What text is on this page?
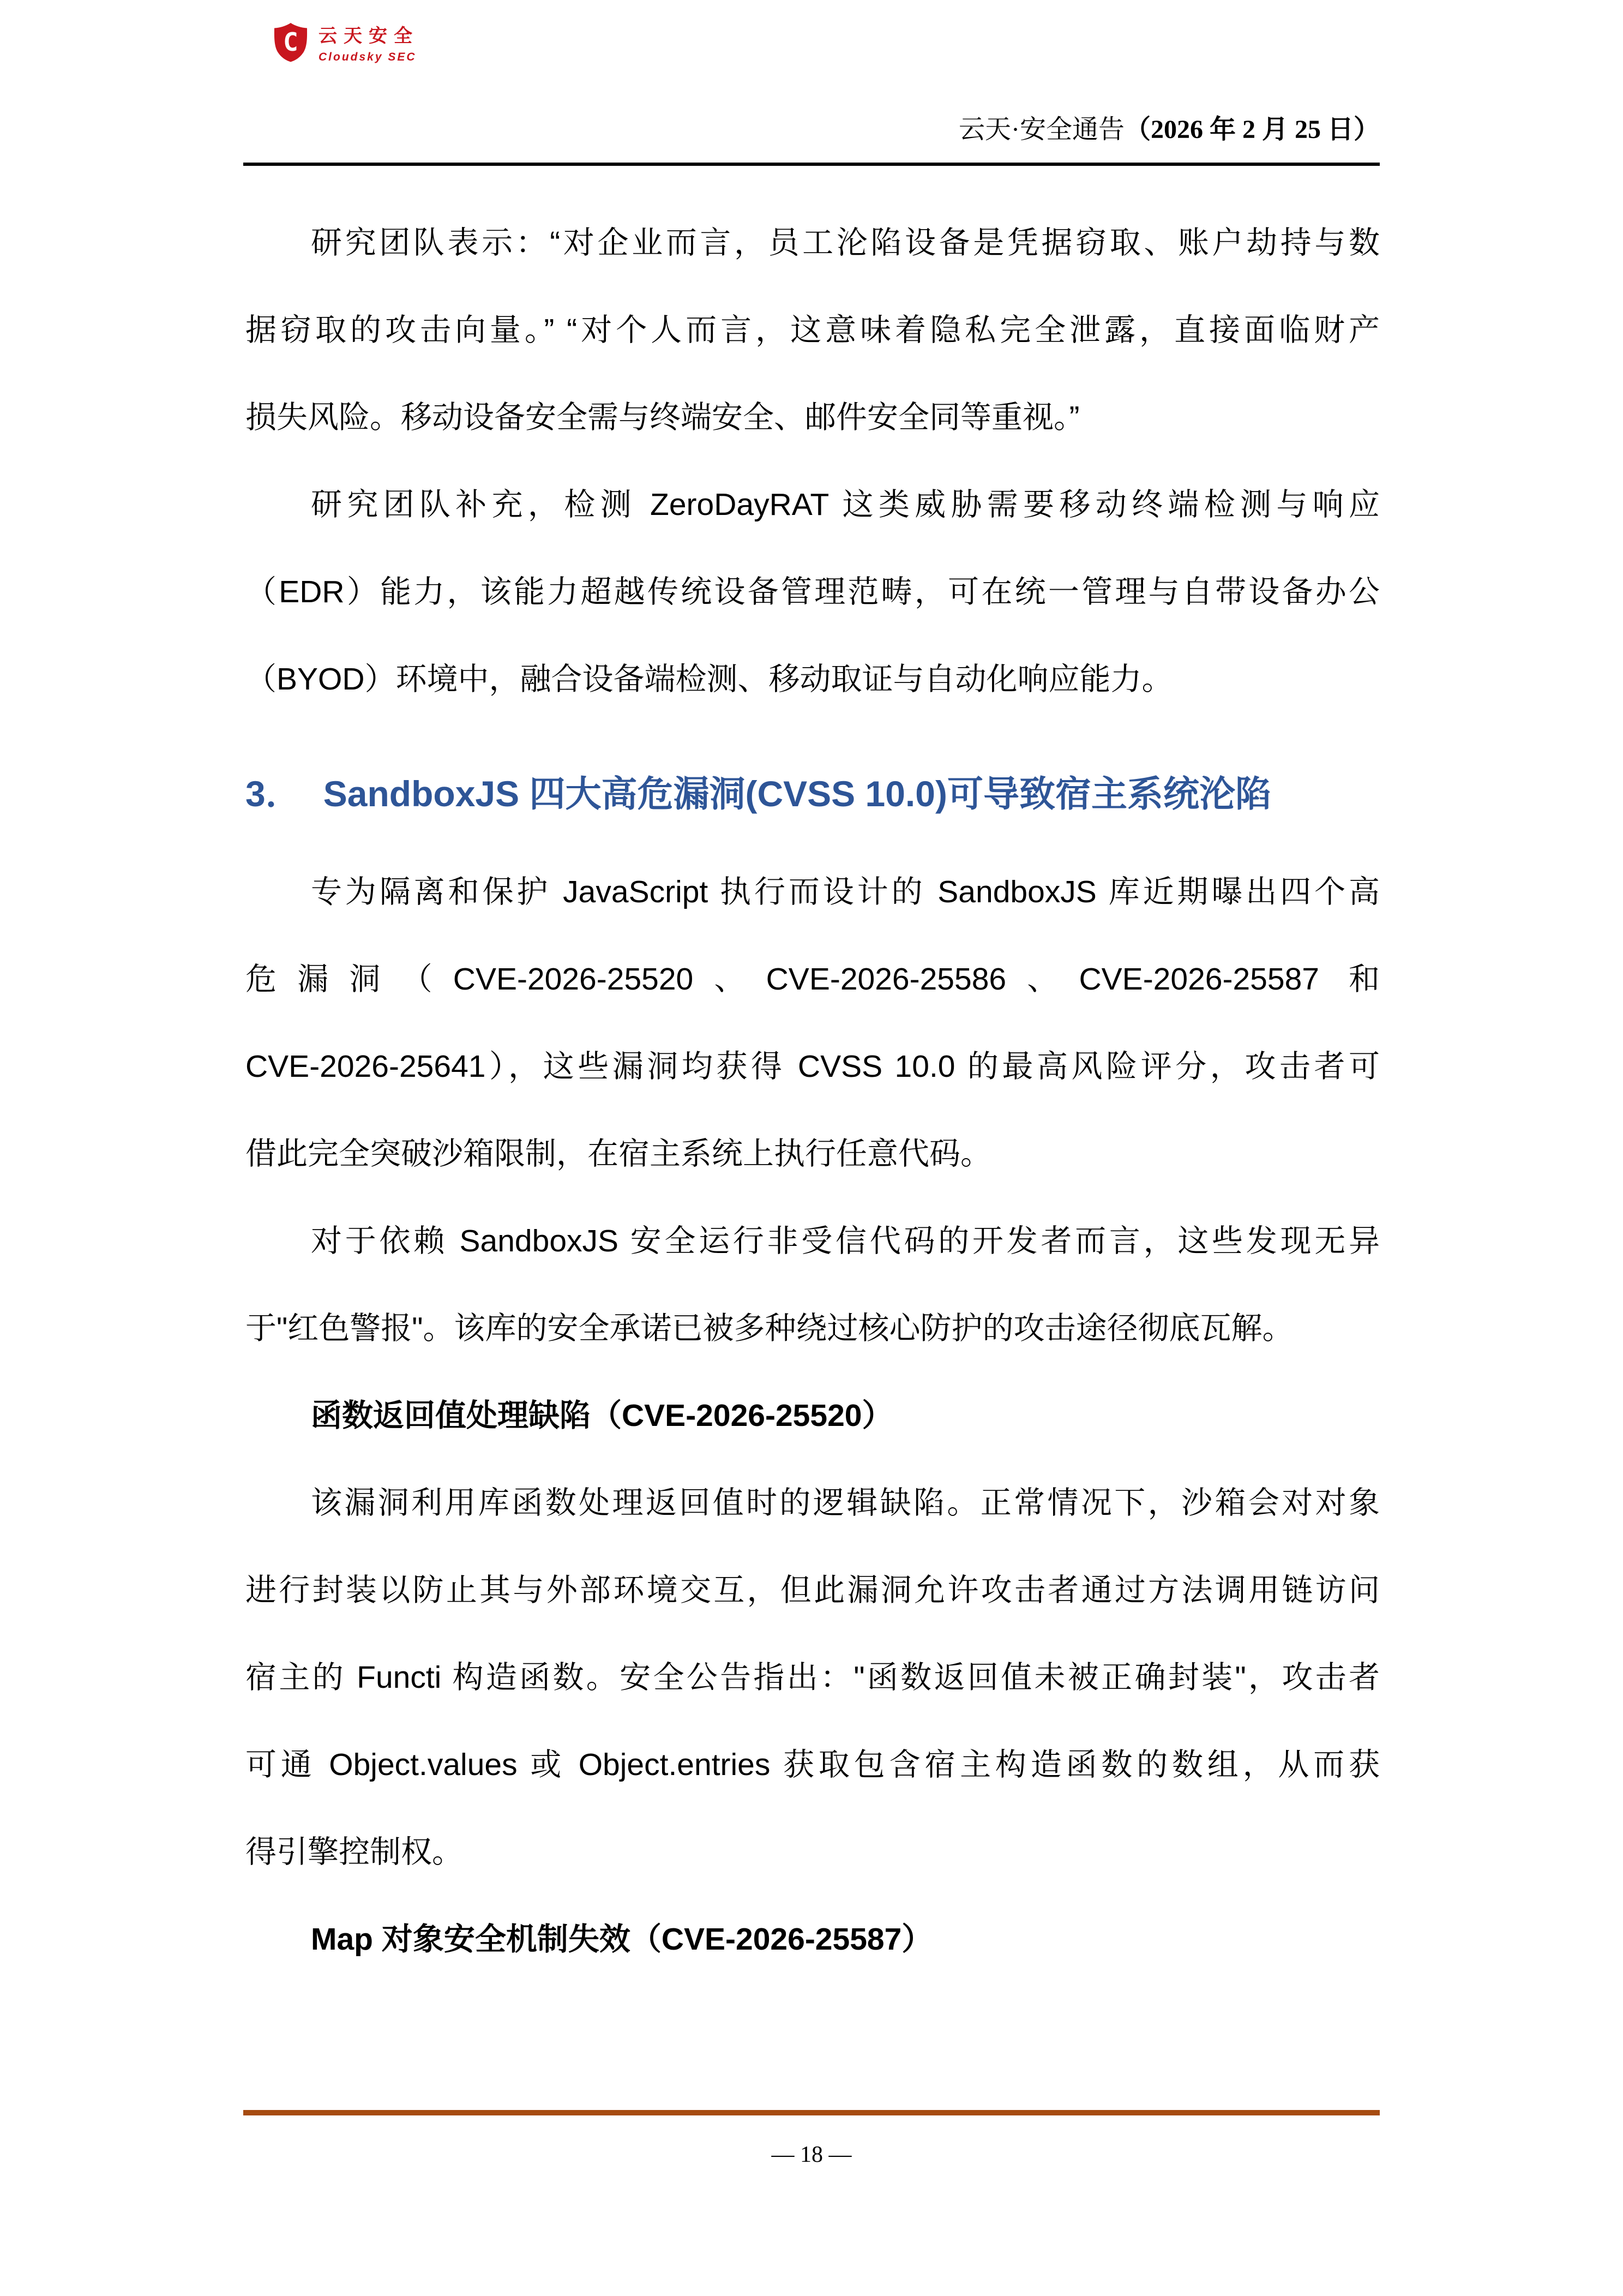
C 云天安全
Cloudsky SEC
云天·安全通告（2026 年 2 月 25 日）
研究团队表示：“对企业而言，员工沦陷设备是凭据窃取、账户劫持与数
据窃取的攻击向量。” “对个人而言，这意味着隐私完全泄露，直接面临财产
损失风险。移动设备安全需与终端安全、邮件安全同等重视。”
研究团队补充，检测 ZeroDayRAT 这类威胁需要移动终端检测与响应
（EDR）能力，该能力超越传统设备管理范畴，可在统一管理与自带设备办公
（BYOD）环境中，融合设备端检测、移动取证与自动化响应能力。
3． SandboxJS 四大高危漏洞(CVSS 10.0)可导致宿主系统沦陷
专为隔离和保护 JavaScript 执行而设计的 SandboxJS 库近期曝出四个高
危漏洞（CVE-2026-25520、CVE-2026-25586、CVE-2026-25587 和
CVE-2026-25641），这些漏洞均获得 CVSS 10.0 的最高风险评分，攻击者可
借此完全突破沙箱限制，在宿主系统上执行任意代码。
对于依赖 SandboxJS 安全运行非受信代码的开发者而言，这些发现无异
于"红色警报"。该库的安全承诺已被多种绕过核心防护的攻击途径彻底瓦解。
函数返回值处理缺陷（CVE-2026-25520）
该漏洞利用库函数处理返回值时的逻辑缺陷。正常情况下，沙箱会对对象
进行封装以防止其与外部环境交互，但此漏洞允许攻击者通过方法调用链访问
宿主的 Functi 构造函数。安全公告指出："函数返回值未被正确封装"，攻击者
可通 Object.values 或 Object.entries 获取包含宿主构造函数的数组，从而获
得引擎控制权。
Map 对象安全机制失效（CVE-2026-25587）
— 18 —
